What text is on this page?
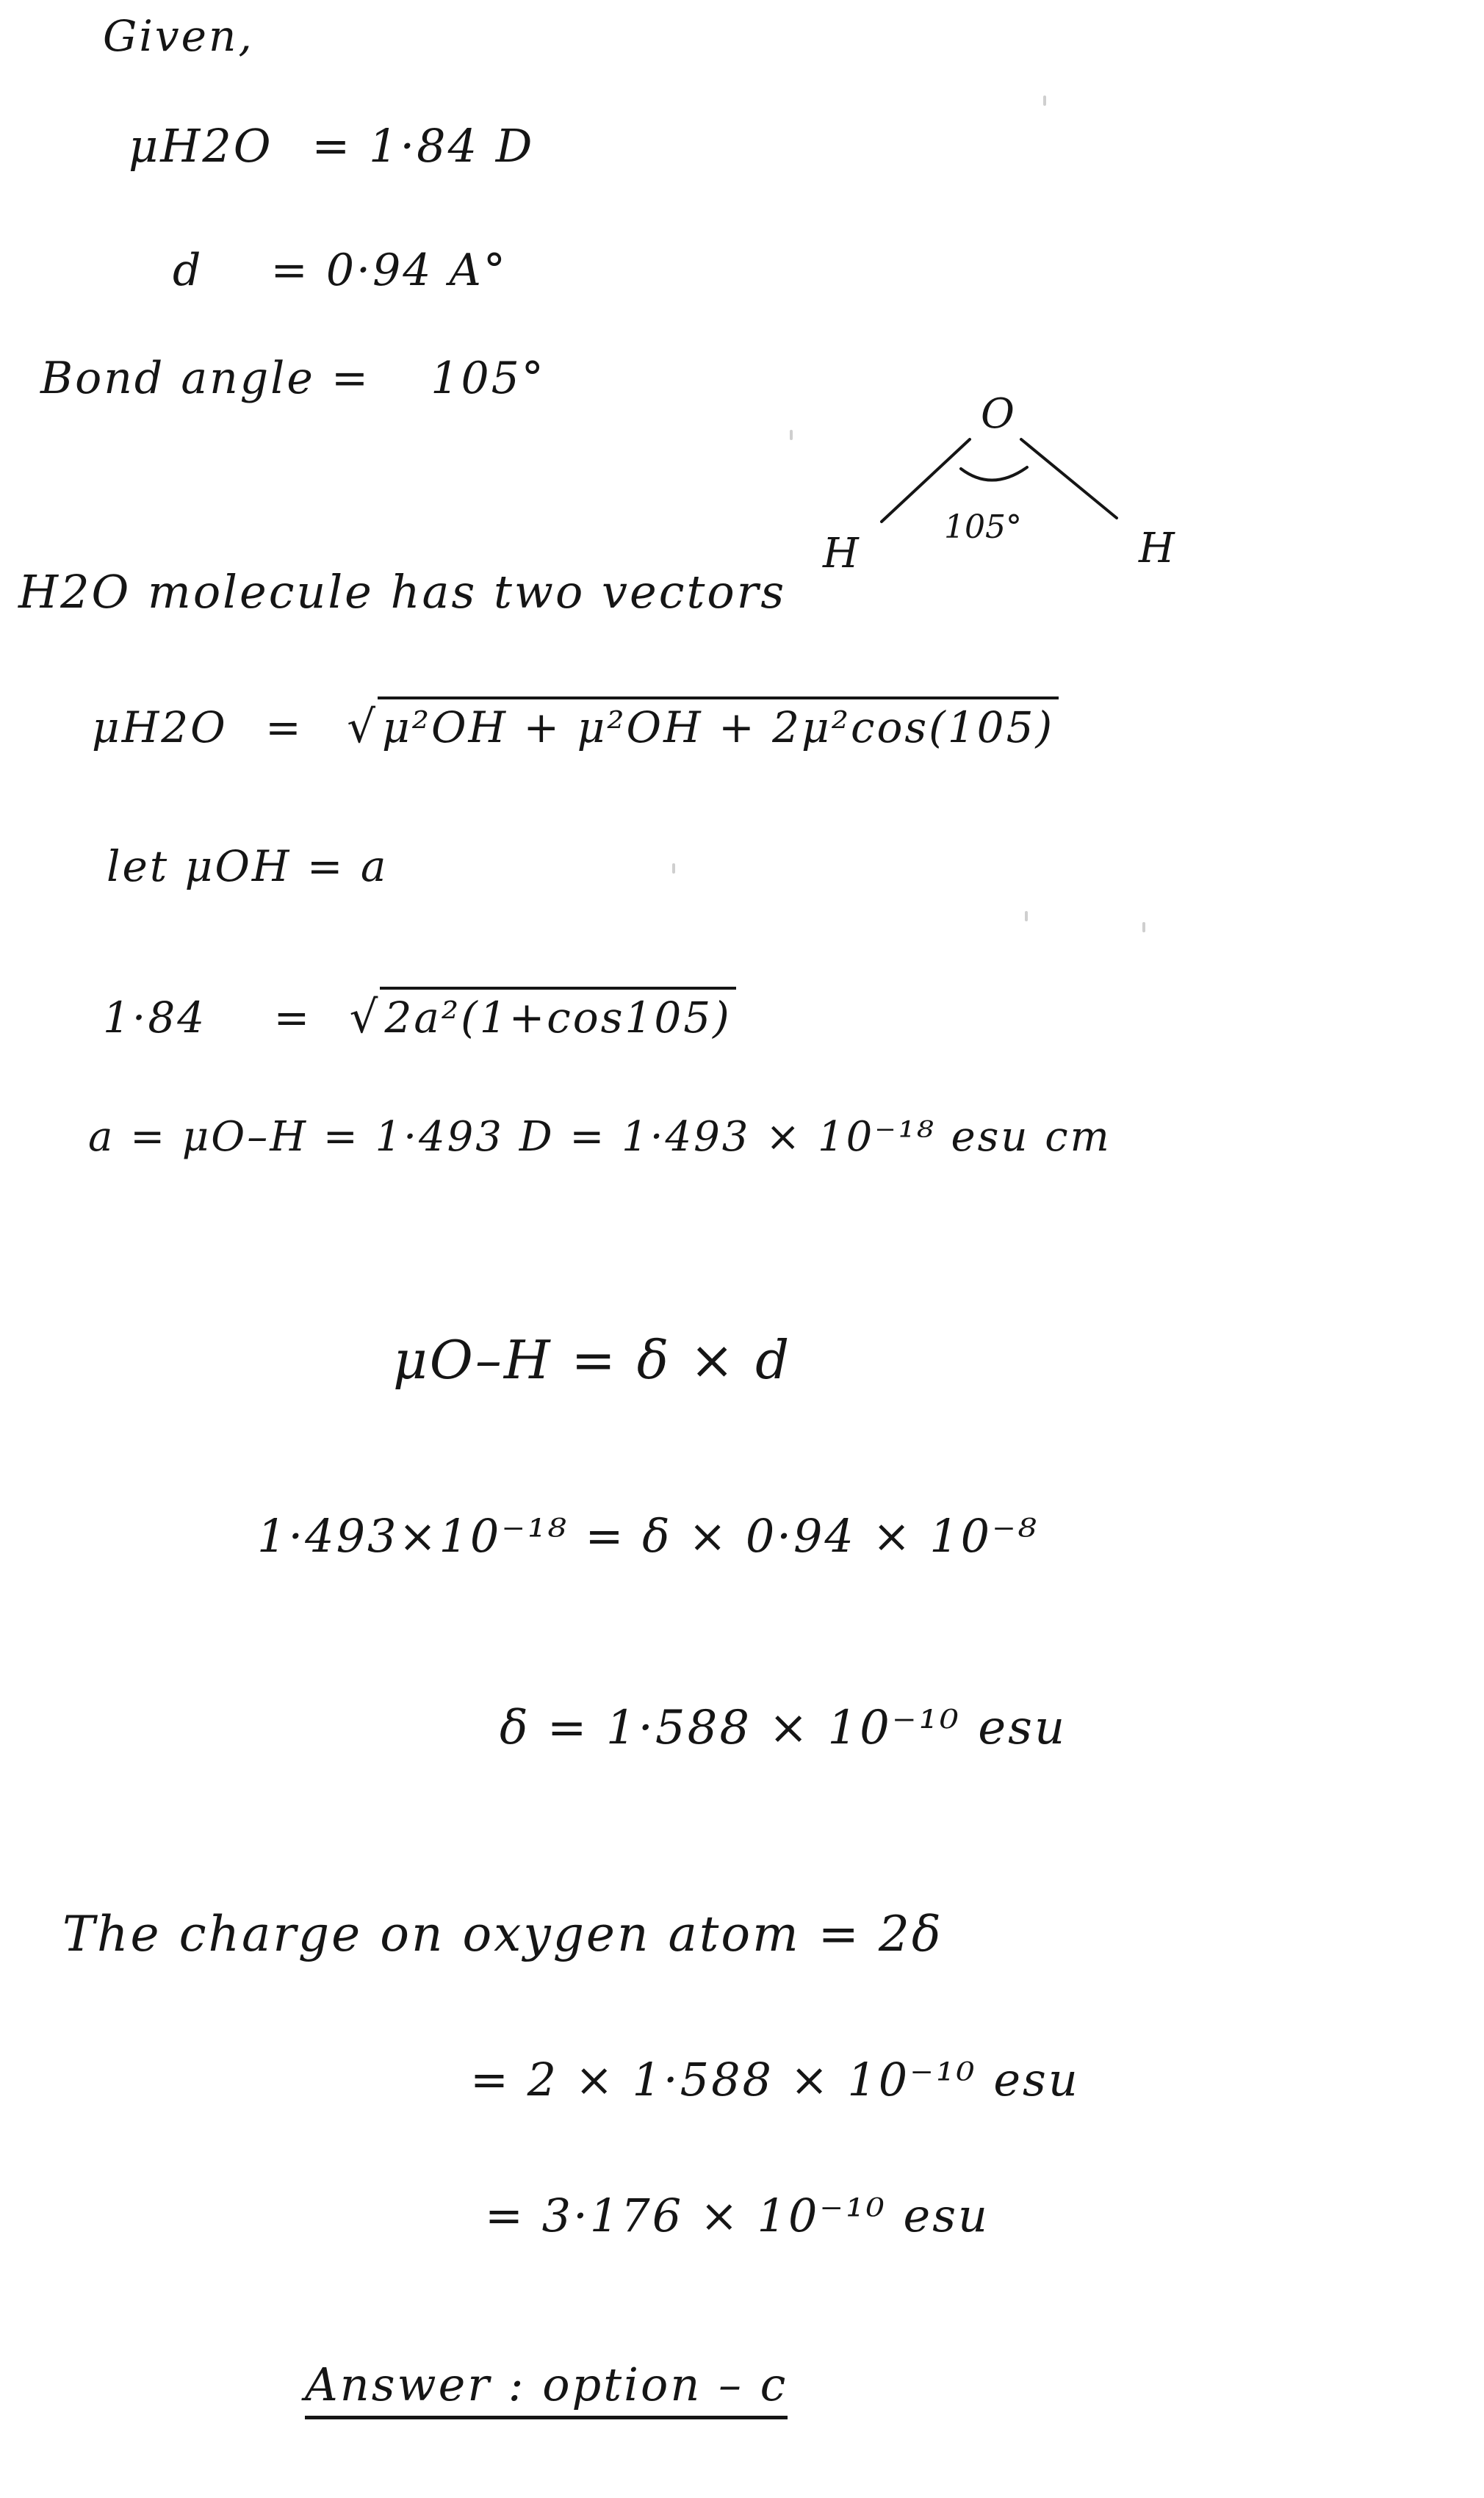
Given,
μH2O = 1·84 D
d = 0·94 A°
Bond angle = 105°
O
105°
H	H
H2O molecule has two vectors
μH2O = √ μ²OH + μ²OH + 2μ²cos(105)
let μOH = a
1·84 = √ 2a²(1+cos105)
a = μO–H = 1·493 D = 1·493 × 10⁻¹⁸ esu cm
μO–H = δ × d
1·493×10⁻¹⁸ = δ × 0·94 × 10⁻⁸
δ = 1·588 × 10⁻¹⁰ esu
The charge on oxygen atom = 2δ
= 2 × 1·588 × 10⁻¹⁰ esu
= 3·176 × 10⁻¹⁰ esu
Answer : option – c
